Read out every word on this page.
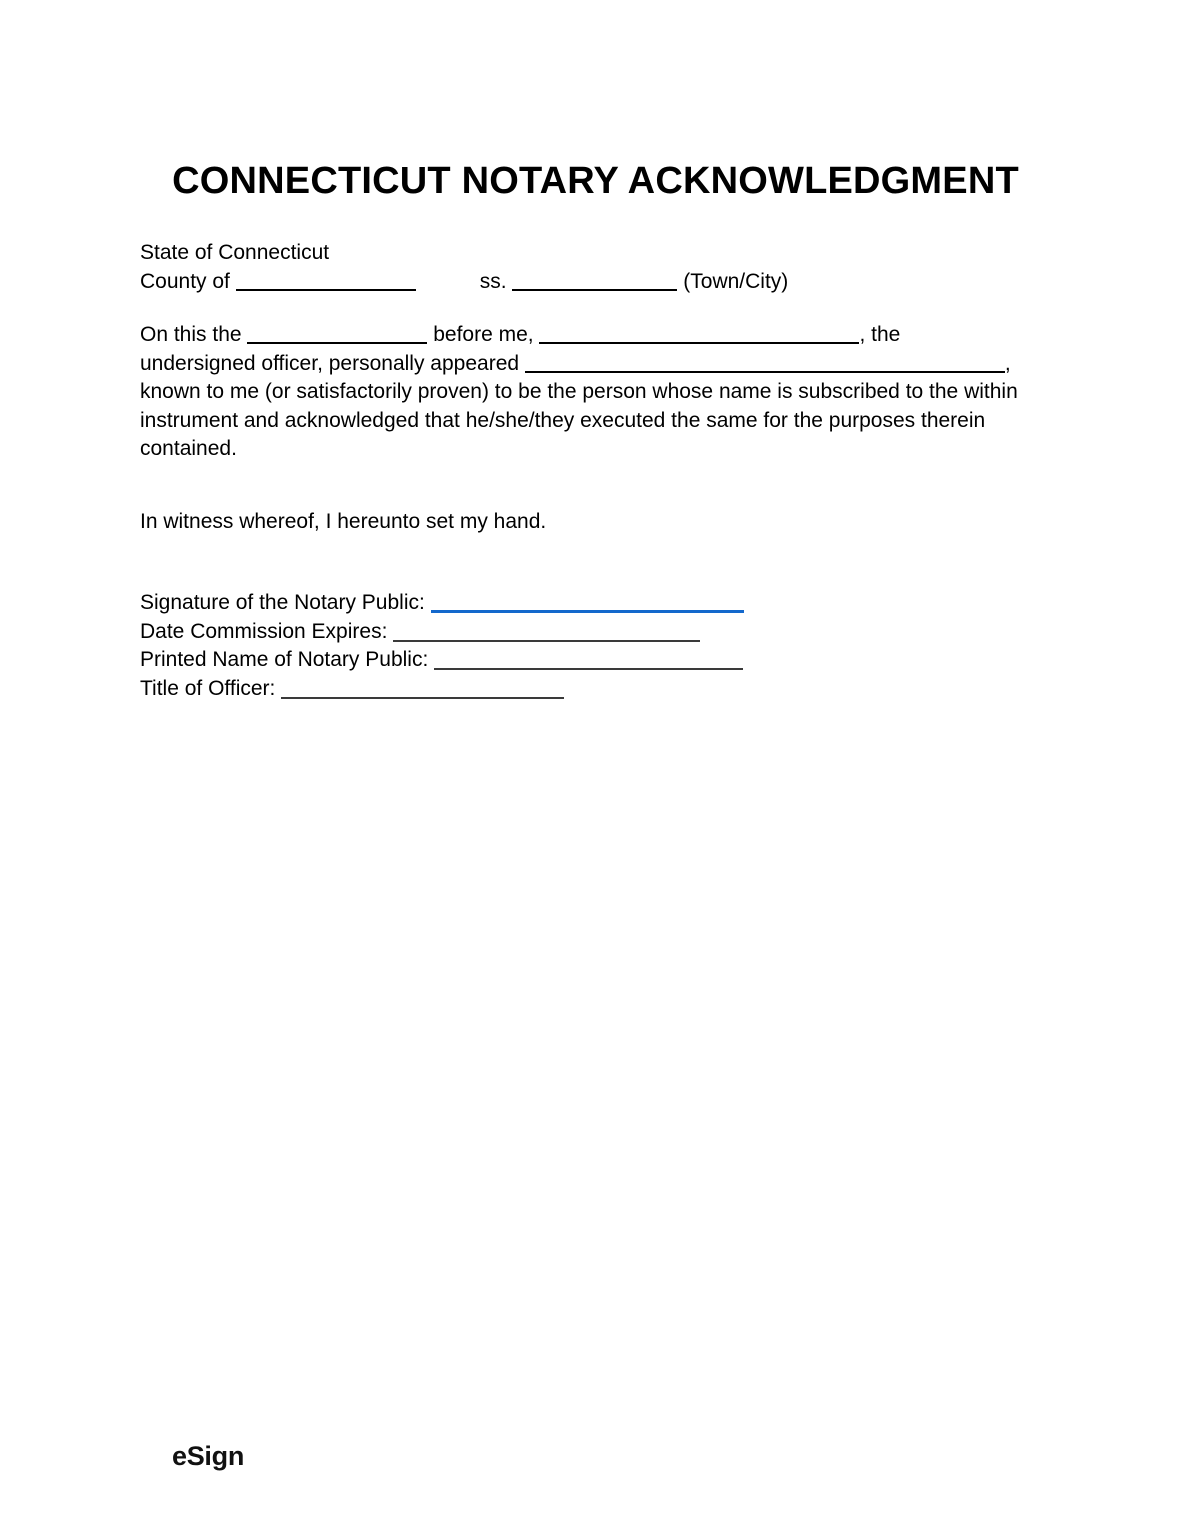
CONNECTICUT NOTARY ACKNOWLEDGMENT
State of Connecticut
County of	ss.	(Town/City)
On this the	before me,	, the
undersigned officer, personally appeared	,
known to me (or satisfactorily proven) to be the person whose name is subscribed to the within instrument and acknowledged that he/she/they executed the same for the purposes therein contained.
In witness whereof, I hereunto set my hand.
Signature of the Notary Public:
Date Commission Expires:
Printed Name of Notary Public:
Title of Officer:
eSign
